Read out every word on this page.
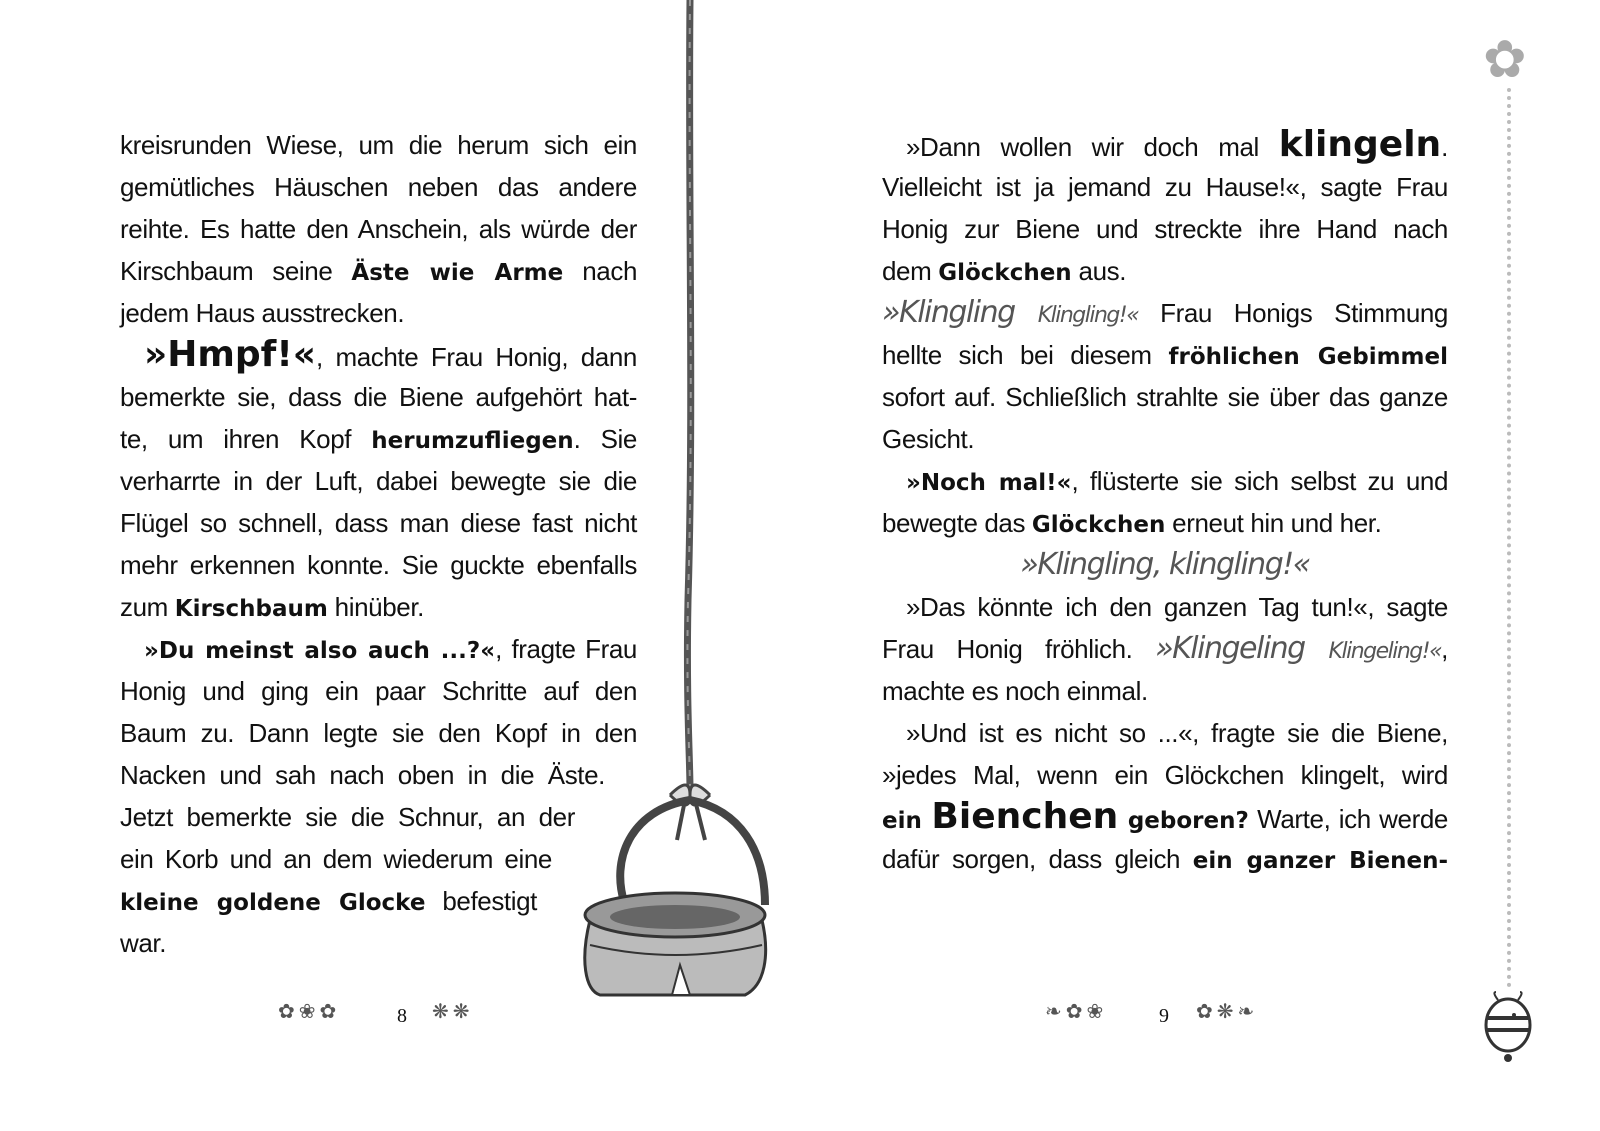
kreisrunden Wiese, um die herum sich ein
gemütliches Häuschen neben das andere
reihte. Es hatte den Anschein, als würde der
Kirschbaum seine Äste wie Arme nach
jedem Haus ausstrecken.
»Hmpf!«, machte Frau Honig, dann
bemerkte sie, dass die Biene aufgehört hat-
te, um ihren Kopf herumzufliegen. Sie
verharrte in der Luft, dabei bewegte sie die
Flügel so schnell, dass man diese fast nicht
mehr erkennen konnte. Sie guckte ebenfalls
zum Kirschbaum hinüber.
»Du meinst also auch ...?«, fragte Frau
Honig und ging ein paar Schritte auf den
Baum zu. Dann legte sie den Kopf in den
Nacken und sah nach oben in die Äste.
Jetzt bemerkte sie die Schnur, an der
ein Korb und an dem wiederum eine
kleine goldene Glocke befestigt
war.
»Dann wollen wir doch mal klingeln.
Vielleicht ist ja jemand zu Hause!«, sagte Frau
Honig zur Biene und streckte ihre Hand nach
dem Glöckchen aus.
»Klingling Klingling!« Frau Honigs Stimmung
hellte sich bei diesem fröhlichen Gebimmel
sofort auf. Schließlich strahlte sie über das ganze
Gesicht.
»Noch mal!«, flüsterte sie sich selbst zu und
bewegte das Glöckchen erneut hin und her.
»Klingling, klingling!«
»Das könnte ich den ganzen Tag tun!«, sagte
Frau Honig fröhlich. »Klingeling Klingeling!«,
machte es noch einmal.
»Und ist es nicht so ...«, fragte sie die Biene,
»jedes Mal, wenn ein Glöckchen klingelt, wird
ein Bienchen geboren? Warte, ich werde
dafür sorgen, dass gleich ein ganzer Bienen-
8	9
✿❀✿	❋❋	❧✿❀	✿❋❧
✿
